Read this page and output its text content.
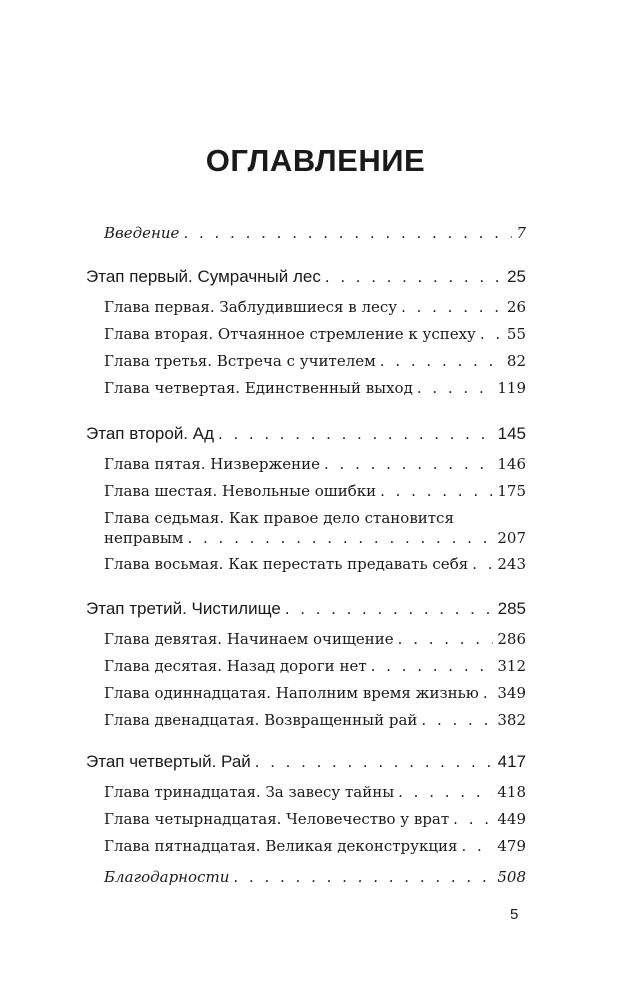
ОГЛАВЛЕНИЕ
Введение . . .	7
Этап первый. Сумрачный лес . . .	25
Глава первая. Заблудившиеся в лесу . . .	26
Глава вторая. Отчаянное стремление к успеху . . . 55
Глава третья. Встреча с учителем . . .	82
Глава четвертая. Единственный выход . . .	119
Этап второй. Ад . . .	145
Глава пятая. Низвержение . . .	146
Глава шестая. Невольные ошибки . . .	175
Глава седьмая. Как правое дело становится
неправым . . .	207
Глава восьмая. Как перестать предавать себя . . . 243
Этап третий. Чистилище . . .	285
Глава девятая. Начинаем очищение . . .	286
Глава десятая. Назад дороги нет . . .	312
Глава одиннадцатая. Наполним время жизнью . . . 349
Глава двенадцатая. Возвращенный рай . . .	382
Этап четвертый. Рай . . .	417
Глава тринадцатая. За завесу тайны . . .	418
Глава четырнадцатая. Человечество у врат . . .	449
Глава пятнадцатая. Великая деконструкция . . .	479
Благодарности . . .	508
5
